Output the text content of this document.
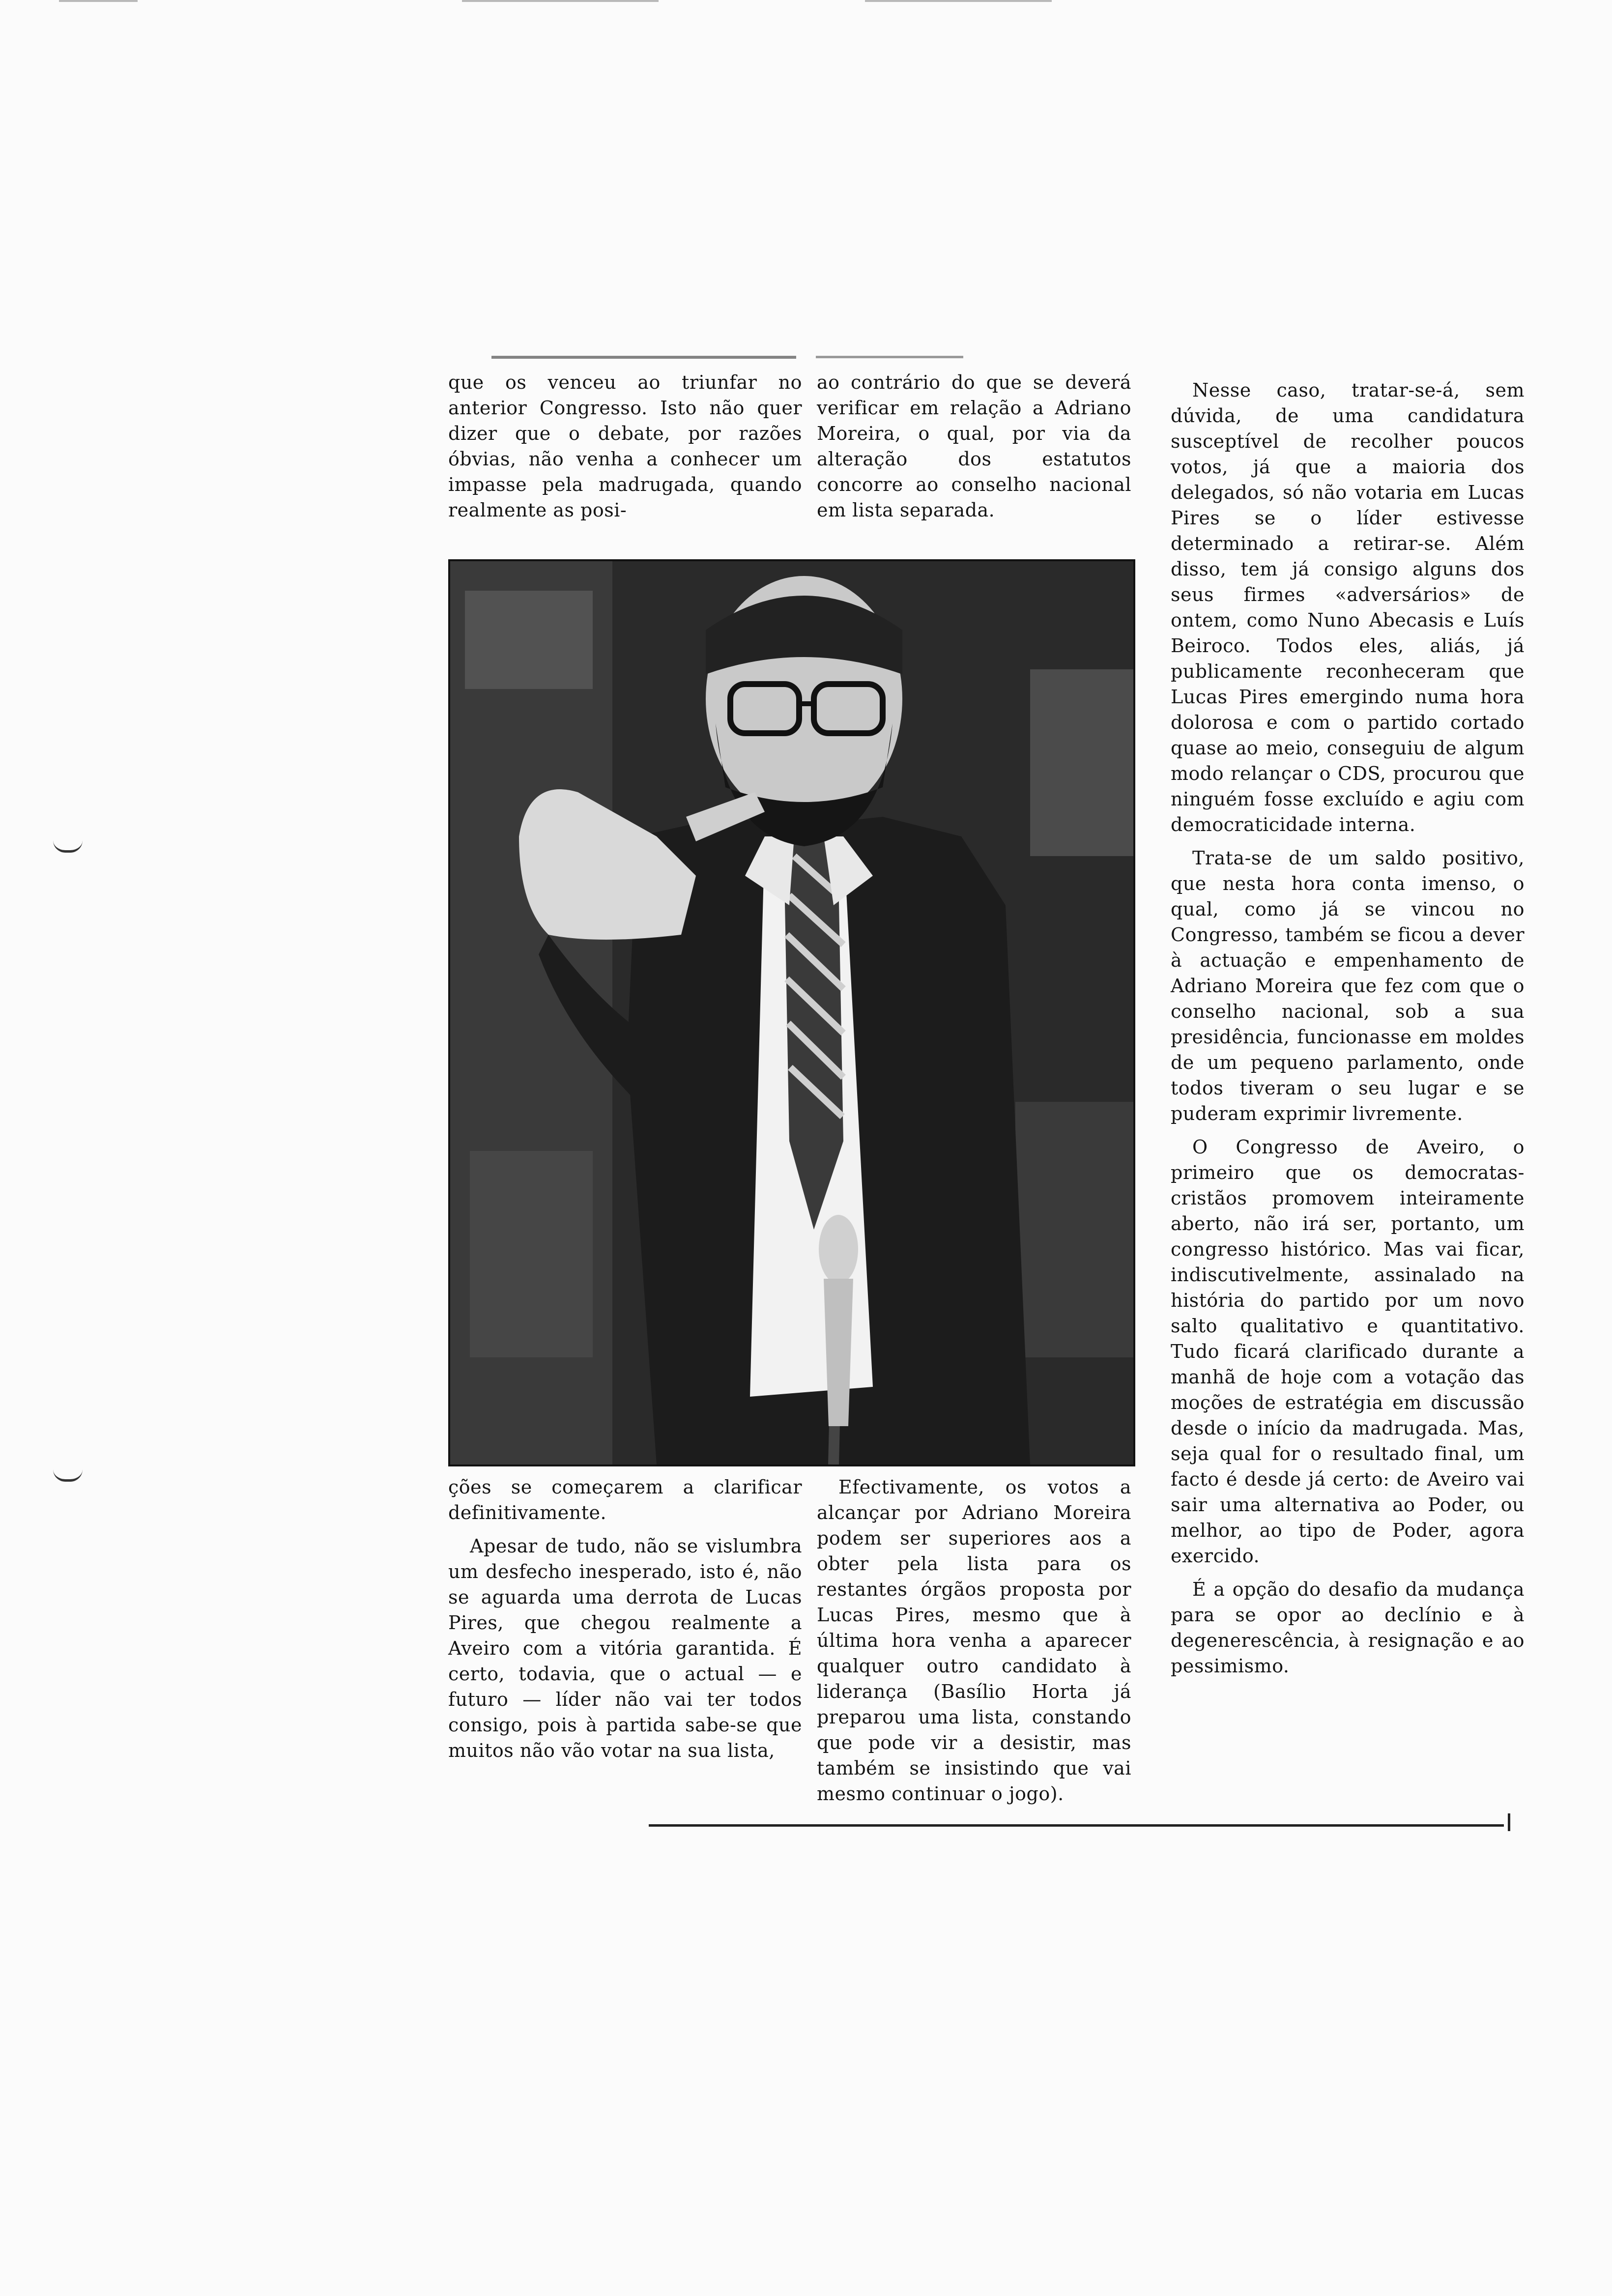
que os venceu ao triunfar no anterior Congresso. Isto não quer dizer que o debate, por razões óbvias, não venha a conhecer um impasse pela madrugada, quando realmente as posi-

ao contrário do que se deverá verificar em relação a Adriano Moreira, o qual, por via da alteração dos estatutos concorre ao conselho nacional em lista separada.

Nesse caso, tratar-se-á, sem dúvida, de uma candidatura susceptível de recolher poucos votos, já que a maioria dos delegados, só não votaria em Lucas Pires se o líder estivesse determinado a retirar-se. Além disso, tem já consigo alguns dos seus firmes «adversários» de ontem, como Nuno Abecasis e Luís Beiroco. Todos eles, aliás, já publicamente reconheceram que Lucas Pires emergindo numa hora dolorosa e com o partido cortado quase ao meio, conseguiu de algum modo relançar o CDS, procurou que ninguém fosse excluído e agiu com democraticidade interna.

Trata-se de um saldo positivo, que nesta hora conta imenso, o qual, como já se vincou no Congresso, também se ficou a dever à actuação e empenhamento de Adriano Moreira que fez com que o conselho nacional, sob a sua presidência, funcionasse em moldes de um pequeno parlamento, onde todos tiveram o seu lugar e se puderam exprimir livremente.

O Congresso de Aveiro, o primeiro que os democratas-cristãos promovem inteiramente aberto, não irá ser, portanto, um congresso histórico. Mas vai ficar, indiscutivelmente, assinalado na história do partido por um novo salto qualitativo e quantitativo. Tudo ficará clarificado durante a manhã de hoje com a votação das moções de estratégia em discussão desde o início da madrugada. Mas, seja qual for o resultado final, um facto é desde já certo: de Aveiro vai sair uma alternativa ao Poder, ou melhor, ao tipo de Poder, agora exercido.

É a opção do desafio da mudança para se opor ao declínio e à degenerescência, à resignação e ao pessimismo.

ções se começarem a clarificar definitivamente.

Apesar de tudo, não se vislumbra um desfecho inesperado, isto é, não se aguarda uma derrota de Lucas Pires, que chegou realmente a Aveiro com a vitória garantida. É certo, todavia, que o actual — e futuro — líder não vai ter todos consigo, pois à partida sabe-se que muitos não vão votar na sua lista,

Efectivamente, os votos a alcançar por Adriano Moreira podem ser superiores aos a obter pela lista para os restantes órgãos proposta por Lucas Pires, mesmo que à última hora venha a aparecer qualquer outro candidato à liderança (Basílio Horta já preparou uma lista, constando que pode vir a desistir, mas também se insistindo que vai mesmo continuar o jogo).
